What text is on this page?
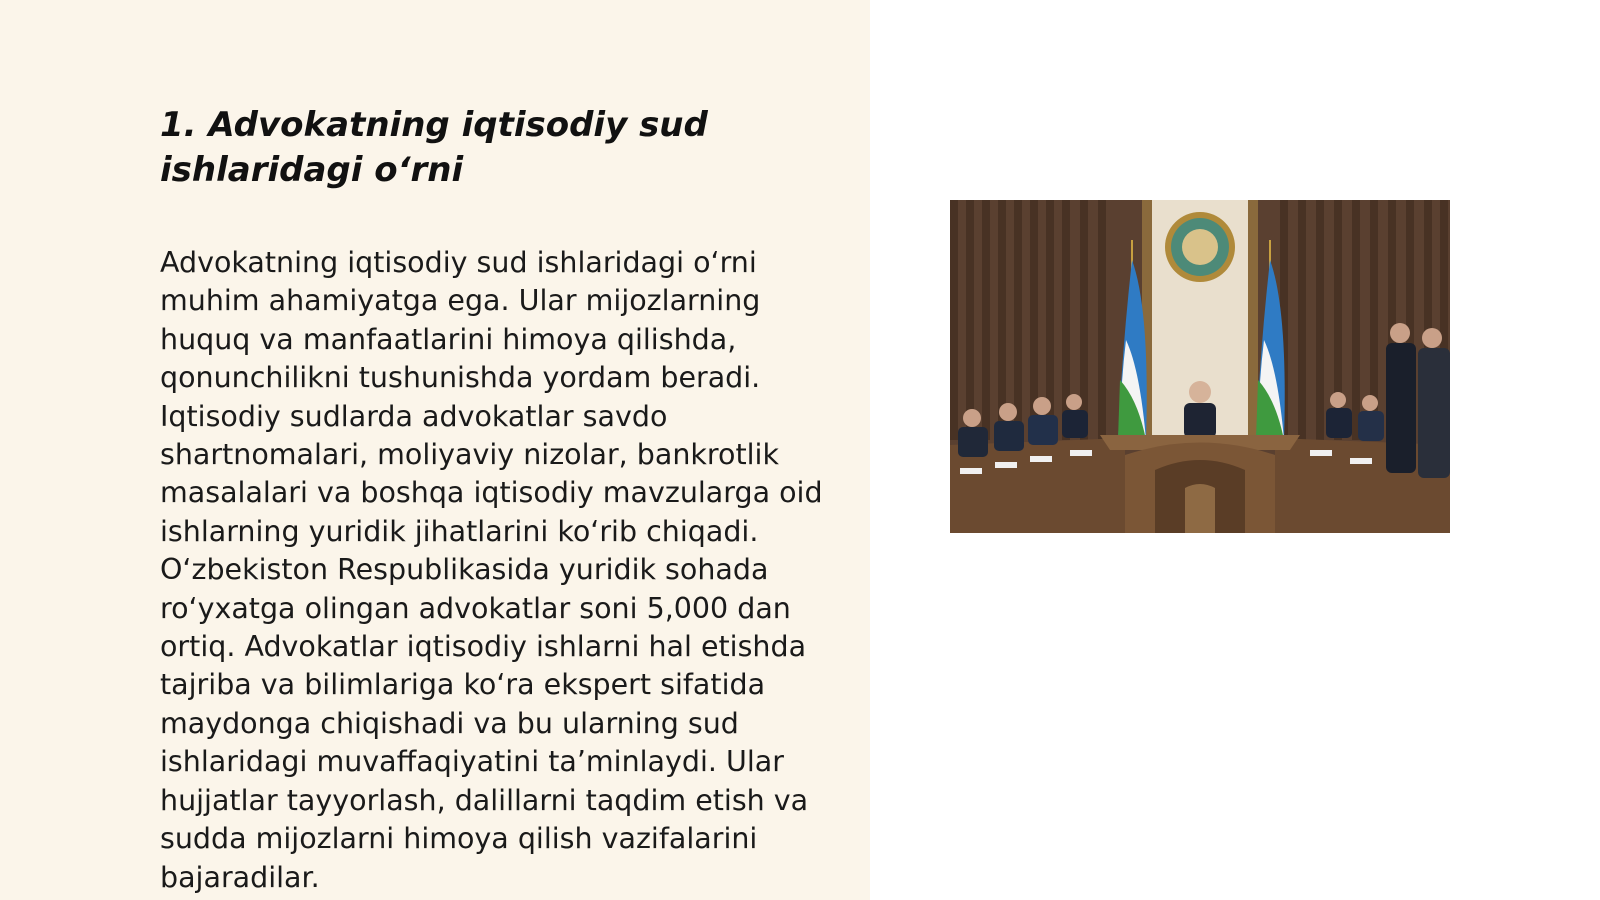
1. Advokatning iqtisodiy sud ishlaridagi o‘rni

Advokatning iqtisodiy sud ishlaridagi o‘rni muhim ahamiyatga ega. Ular mijozlarning huquq va manfaatlarini himoya qilishda, qonunchilikni tushunishda yordam beradi. Iqtisodiy sudlarda advokatlar savdo shartnomalari, moliyaviy nizolar, bankrotlik masalalari va boshqa iqtisodiy mavzularga oid ishlarning yuridik jihatlarini ko‘rib chiqadi. O‘zbekiston Respublikasida yuridik sohada ro‘yxatga olingan advokatlar soni 5,000 dan ortiq. Advokatlar iqtisodiy ishlarni hal etishda tajriba va bilimlariga ko‘ra ekspert sifatida maydonga chiqishadi va bu ularning sud ishlaridagi muvaffaqiyatini ta’minlaydi. Ular hujjatlar tayyorlash, dalillarni taqdim etish va sudda mijozlarni himoya qilish vazifalarini bajaradilar.
